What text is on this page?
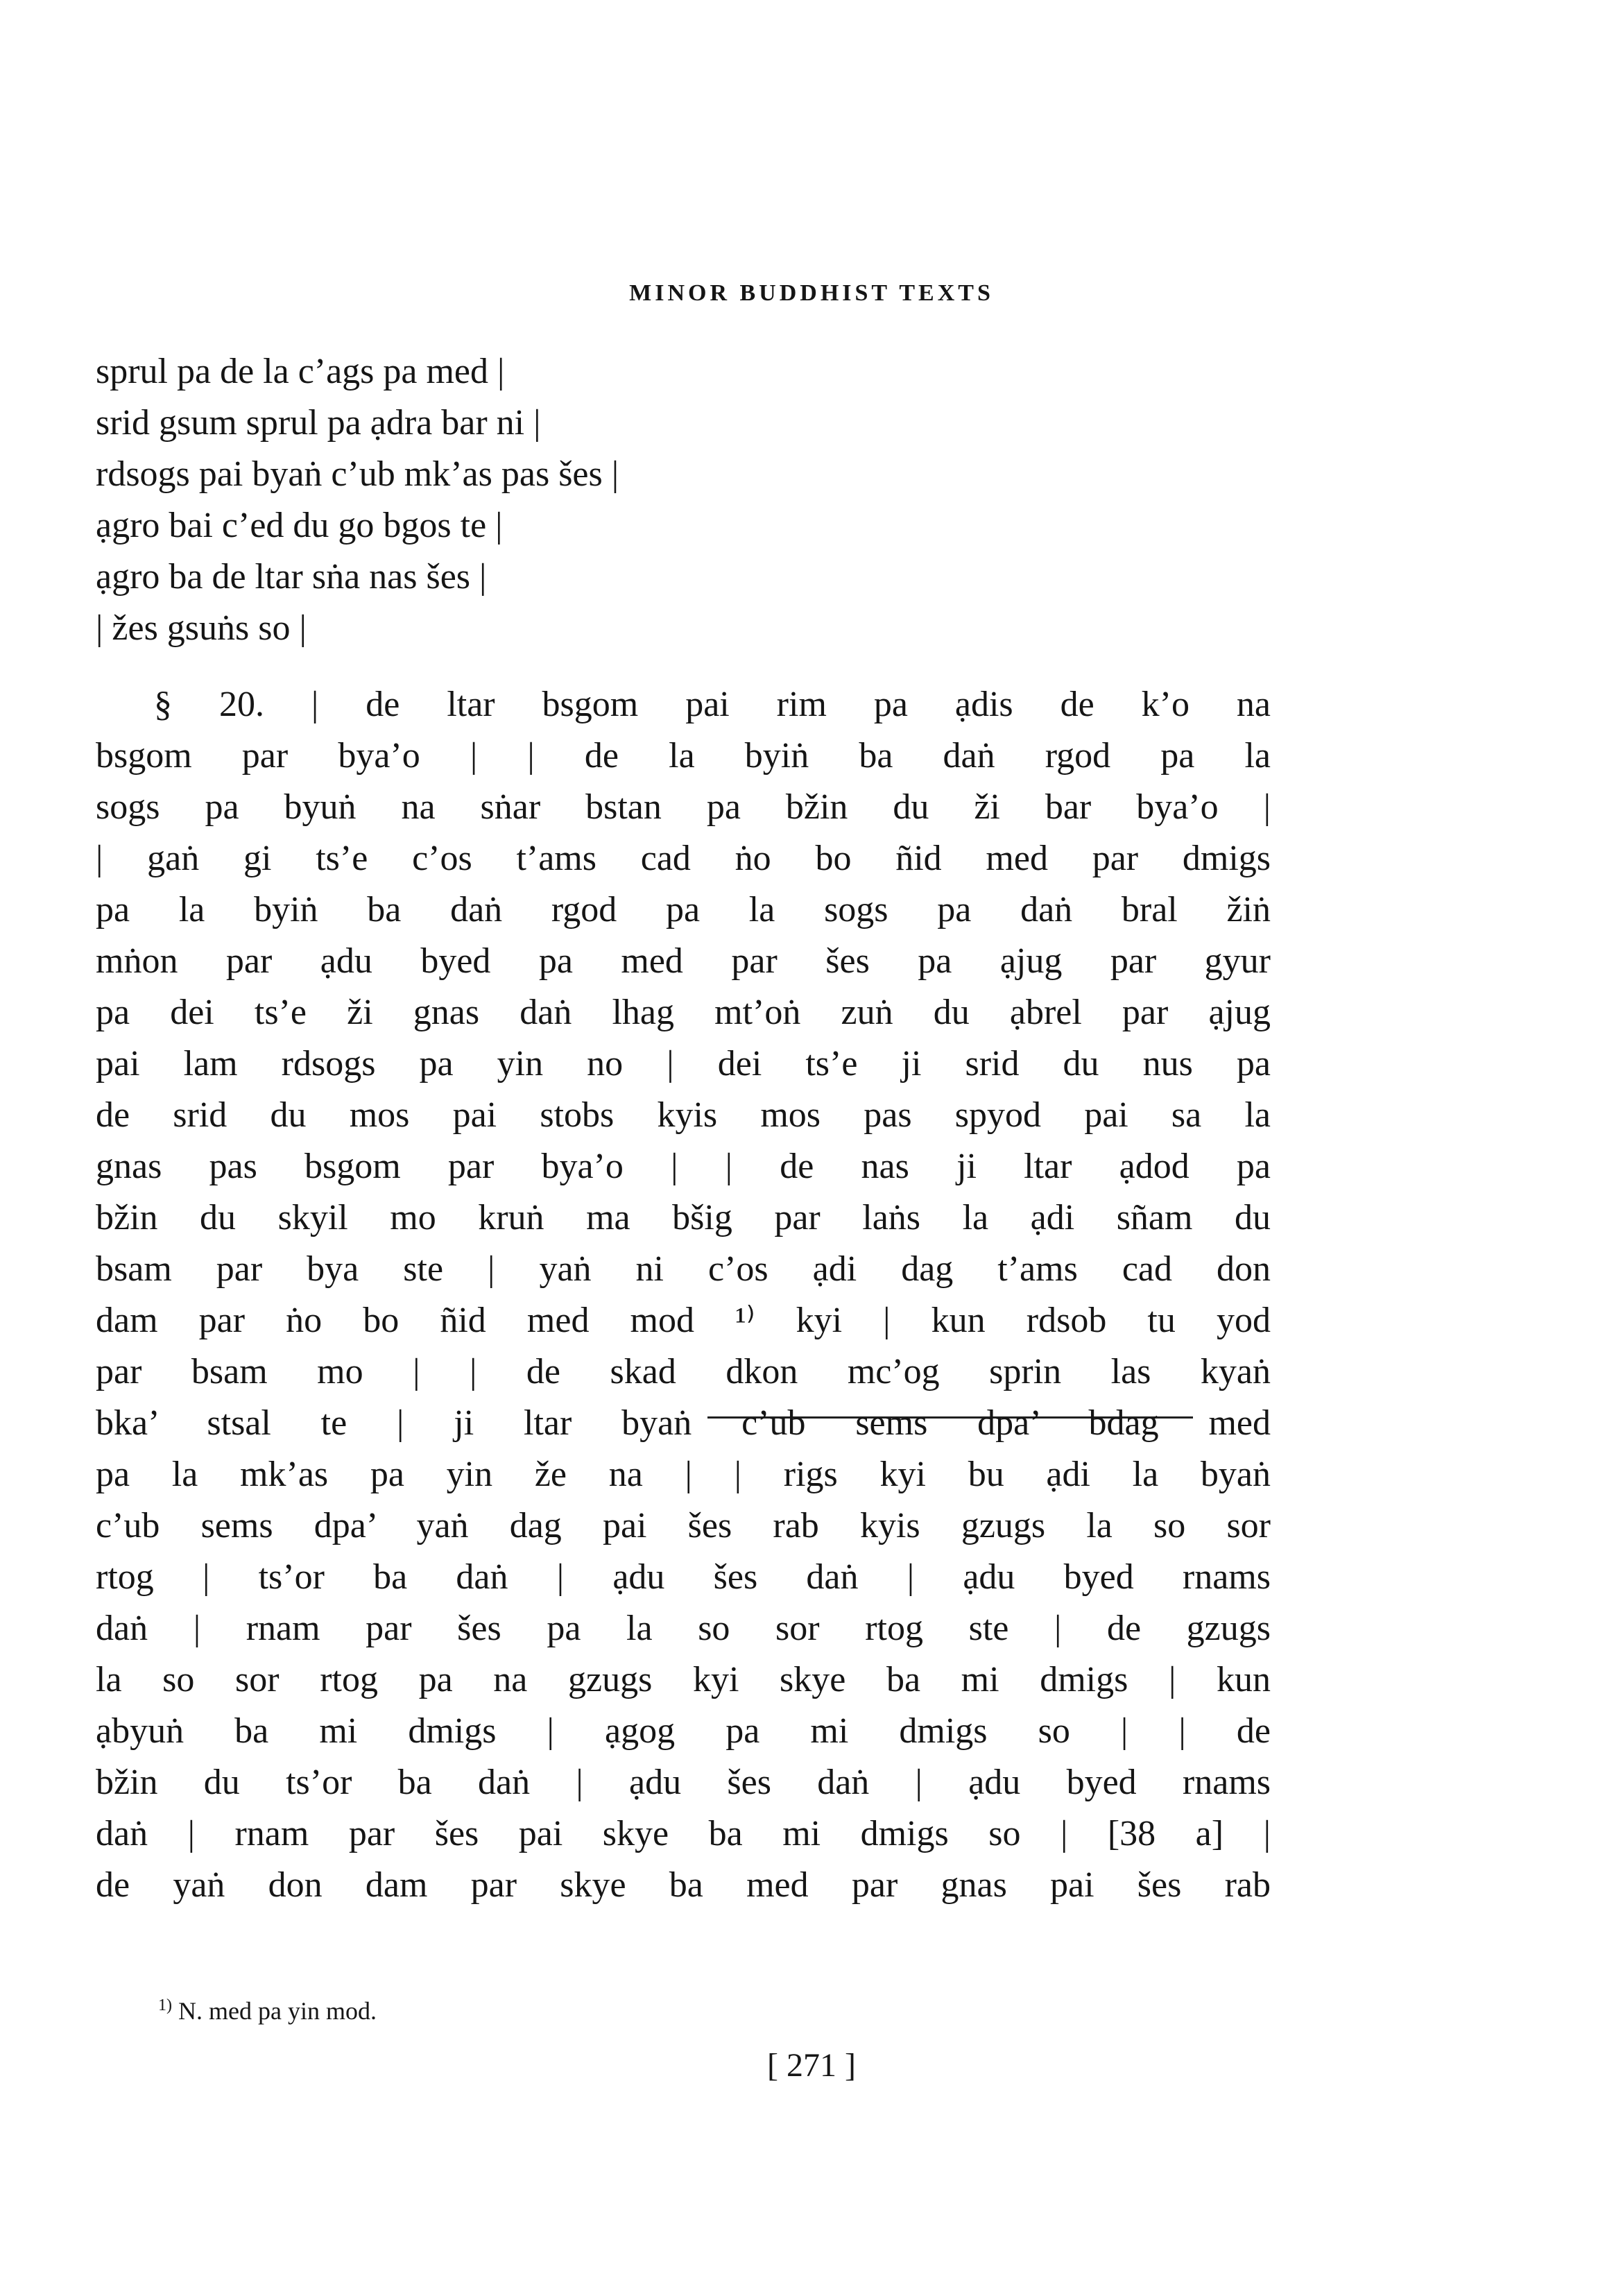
MINOR BUDDHIST TEXTS
sprul pa de la c’ags pa med |
srid gsum sprul pa ạdra bar ni |
rdsogs pai byaṅ c’ub mk’as pas šes |
ạgro bai c’ed du go bgos te |
ạgro ba de ltar sṅa nas šes |
| žes gsuṅs so |
§ 20. | de ltar bsgom pai rim pa ạdis de k’o na
bsgom par bya’o | | de la byiṅ ba daṅ rgod pa la
sogs pa byuṅ na sṅar bstan pa bžin du ži bar bya’o |
| gaṅ gi ts’e c’os t’ams cad ṅo bo ñid med par dmigs
pa la byiṅ ba daṅ rgod pa la sogs pa daṅ bral žiṅ
mṅon par ạdu byed pa med par šes pa ạjug par gyur
pa dei ts’e ži gnas daṅ lhag mt’oṅ zuṅ du ạbrel par ạjug
pai lam rdsogs pa yin no | dei ts’e ji srid du nus pa
de srid du mos pai stobs kyis mos pas spyod pai sa la
gnas pas bsgom par bya’o | | de nas ji ltar ạdod pa
bžin du skyil mo kruṅ ma bšig par laṅs la ạdi sñam du
bsam par bya ste | yaṅ ni c’os ạdi dag t’ams cad don
dam par ṅo bo ñid med mod ¹⁾ kyi | kun rdsob tu yod
par bsam mo | | de skad dkon mc’og sprin las kyaṅ
bka’ stsal te | ji ltar byaṅ c’ub sems dpa’ bdag med
pa la mk’as pa yin že na | | rigs kyi bu ạdi la byaṅ
c’ub sems dpa’ yaṅ dag pai šes rab kyis gzugs la so sor
rtog | ts’or ba daṅ | ạdu šes daṅ | ạdu byed rnams
daṅ | rnam par šes pa la so sor rtog ste | de gzugs
la so sor rtog pa na gzugs kyi skye ba mi dmigs | kun
ạbyuṅ ba mi dmigs | ạgog pa mi dmigs so | | de
bžin du ts’or ba daṅ | ạdu šes daṅ | ạdu byed rnams
daṅ | rnam par šes pai skye ba mi dmigs so | [38 a] |
de yaṅ don dam par skye ba med par gnas pai šes rab
$^{1)}$ N. med pa yin mod.
[ 271 ]
